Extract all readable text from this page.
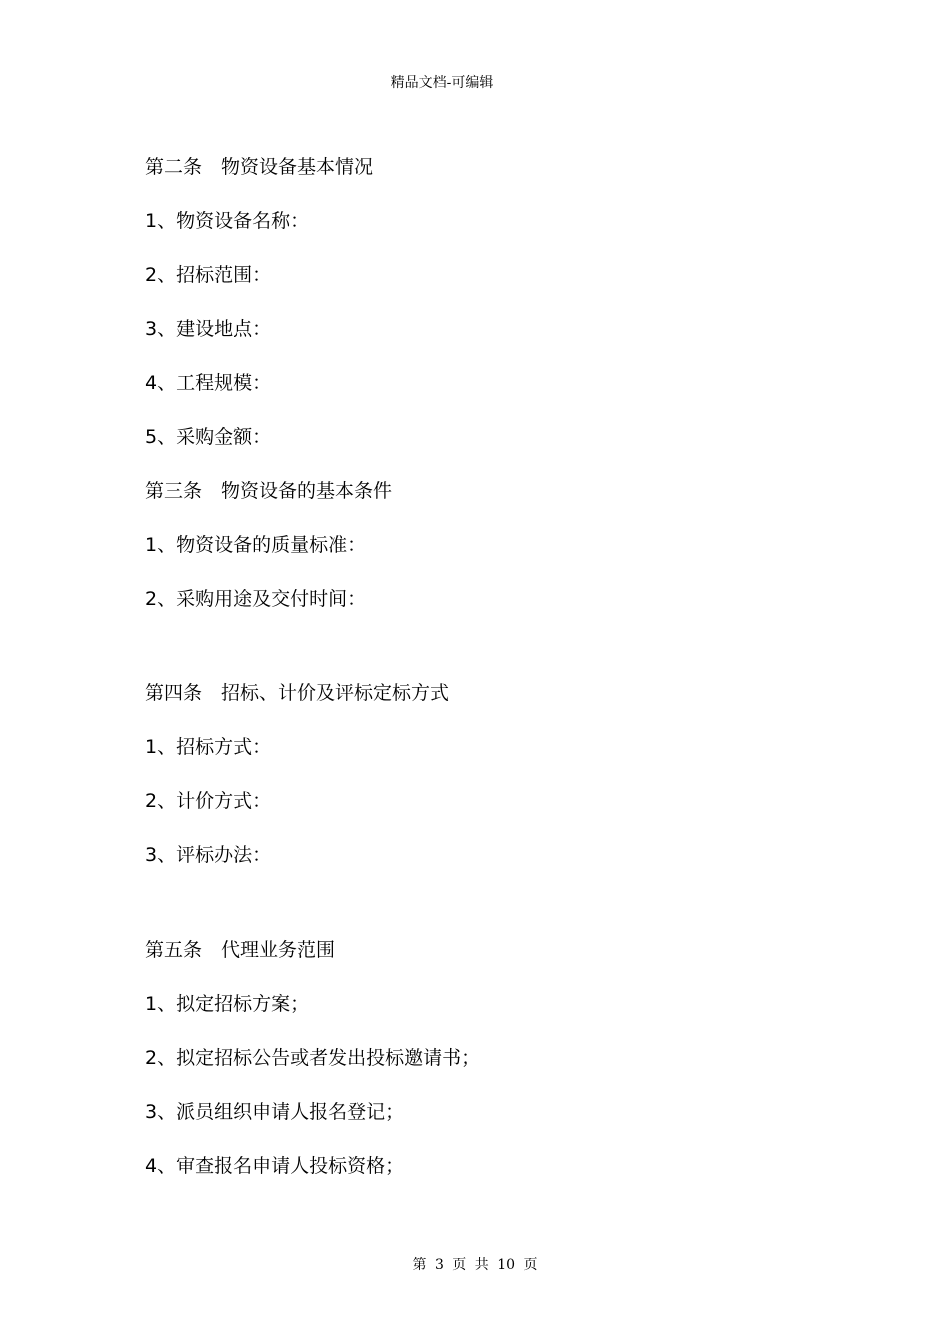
精品文档-可编辑
第二条　物资设备基本情况
1、物资设备名称：
2、招标范围：
3、建设地点：
4、工程规模：
5、采购金额：
第三条　物资设备的基本条件
1、物资设备的质量标准：
2、采购用途及交付时间：
第四条　招标、计价及评标定标方式
1、招标方式：
2、计价方式：
3、评标办法：
第五条　代理业务范围
1、拟定招标方案；
2、拟定招标公告或者发出投标邀请书；
3、派员组织申请人报名登记；
4、审查报名申请人投标资格；
第 3 页 共 10 页
